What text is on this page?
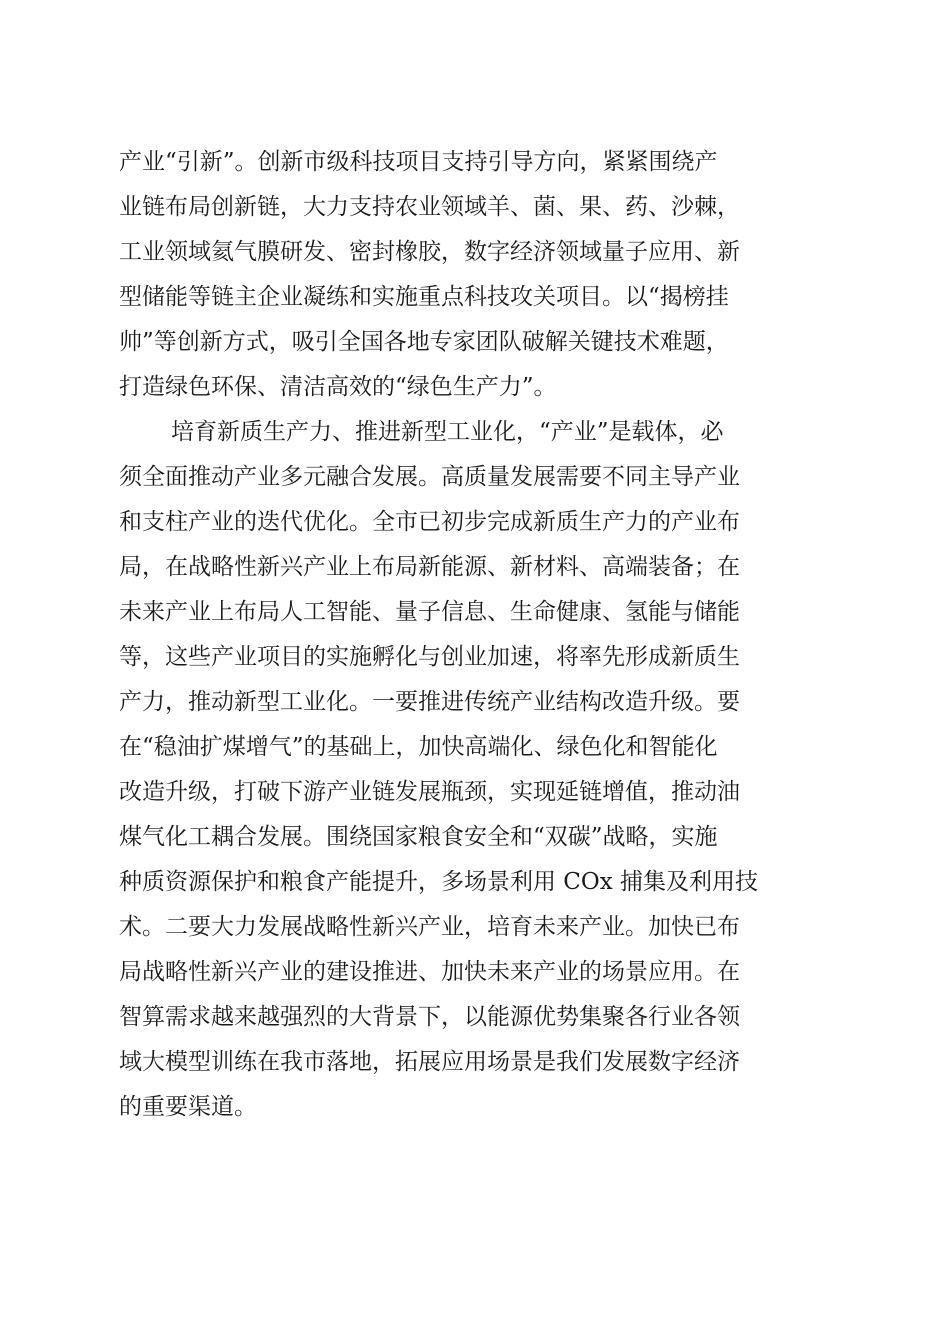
产业“引新”。创新市级科技项目支持引导方向，紧紧围绕产
业链布局创新链，大力支持农业领域羊、菌、果、药、沙棘，
工业领域氦气膜研发、密封橡胶，数字经济领域量子应用、新
型储能等链主企业凝练和实施重点科技攻关项目。以“揭榜挂
帅”等创新方式，吸引全国各地专家团队破解关键技术难题，
打造绿色环保、清洁高效的“绿色生产力”。
培育新质生产力、推进新型工业化，“产业”是载体，必
须全面推动产业多元融合发展。高质量发展需要不同主导产业
和支柱产业的迭代优化。全市已初步完成新质生产力的产业布
局，在战略性新兴产业上布局新能源、新材料、高端装备；在
未来产业上布局人工智能、量子信息、生命健康、氢能与储能
等，这些产业项目的实施孵化与创业加速，将率先形成新质生
产力，推动新型工业化。一要推进传统产业结构改造升级。要
在“稳油扩煤增气”的基础上，加快高端化、绿色化和智能化
改造升级，打破下游产业链发展瓶颈，实现延链增值，推动油
煤气化工耦合发展。围绕国家粮食安全和“双碳”战略，实施
种质资源保护和粮食产能提升，多场景利用 COx 捕集及利用技
术。二要大力发展战略性新兴产业，培育未来产业。加快已布
局战略性新兴产业的建设推进、加快未来产业的场景应用。在
智算需求越来越强烈的大背景下，以能源优势集聚各行业各领
域大模型训练在我市落地，拓展应用场景是我们发展数字经济
的重要渠道。
